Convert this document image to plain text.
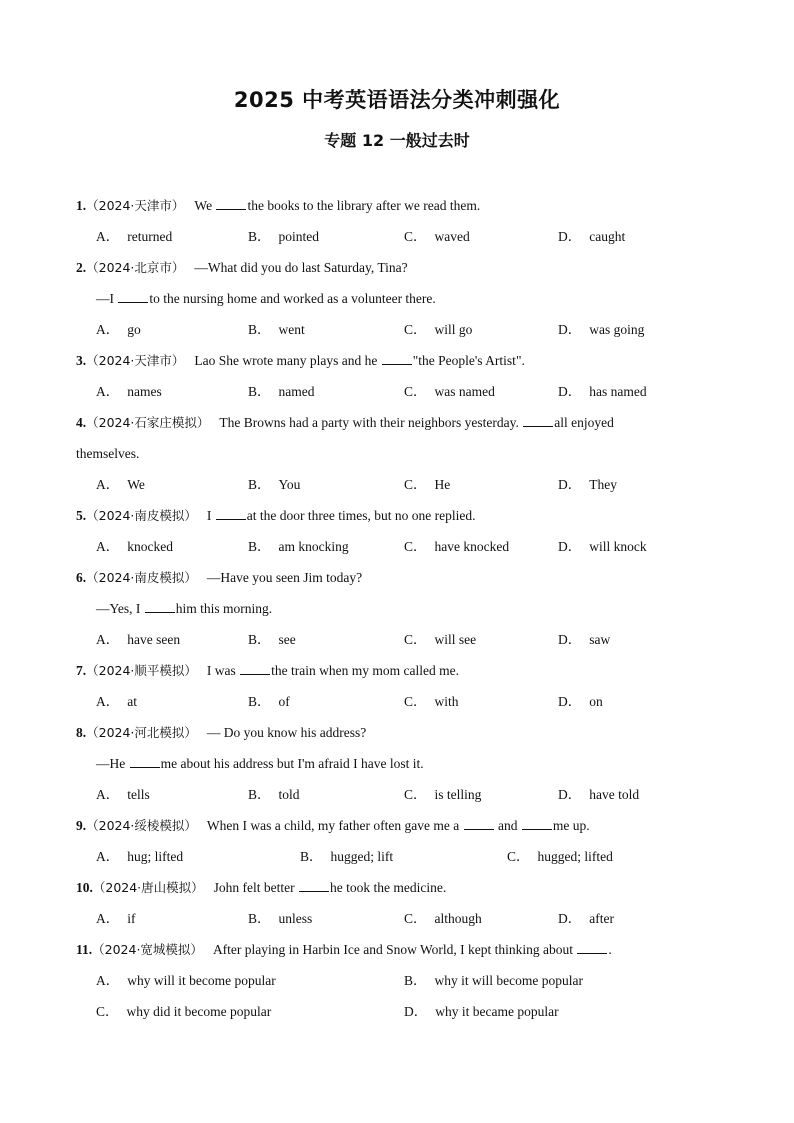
2025 中考英语语法分类冲刺强化
专题 12 一般过去时
1.（2024·天津市） We the books to the library after we read them.
A． returned	B． pointed	C． waved	D． caught
2.（2024·北京市） —What did you do last Saturday, Tina?
—I to the nursing home and worked as a volunteer there.
A． go	B． went	C． will go	D． was going
3.（2024·天津市） Lao She wrote many plays and he "the People's Artist".
A． names	B． named	C． was named	D． has named
4.（2024·石家庄模拟） The Browns had a party with their neighbors yesterday. all enjoyed
themselves.
A． We	B． You	C． He	D． They
5.（2024·南皮模拟） I at the door three times, but no one replied.
A． knocked	B． am knocking	C． have knocked	D． will knock
6.（2024·南皮模拟） —Have you seen Jim today?
—Yes, I him this morning.
A． have seen	B． see	C． will see	D． saw
7.（2024·顺平模拟） I was the train when my mom called me.
A． at	B． of	C． with	D． on
8.（2024·河北模拟） — Do you know his address?
—He me about his address but I'm afraid I have lost it.
A． tells	B． told	C． is telling	D． have told
9.（2024·绥棱模拟） When I was a child, my father often gave me a	and me up.
A． hug; lifted	B． hugged; lift	C． hugged; lifted
10.（2024·唐山模拟） John felt better he took the medicine.
A． if	B． unless	C． although	D． after
11.（2024·宽城模拟） After playing in Harbin Ice and Snow World, I kept thinking about .
A． why will it become popular	B． why it will become popular
C． why did it become popular	D． why it became popular
